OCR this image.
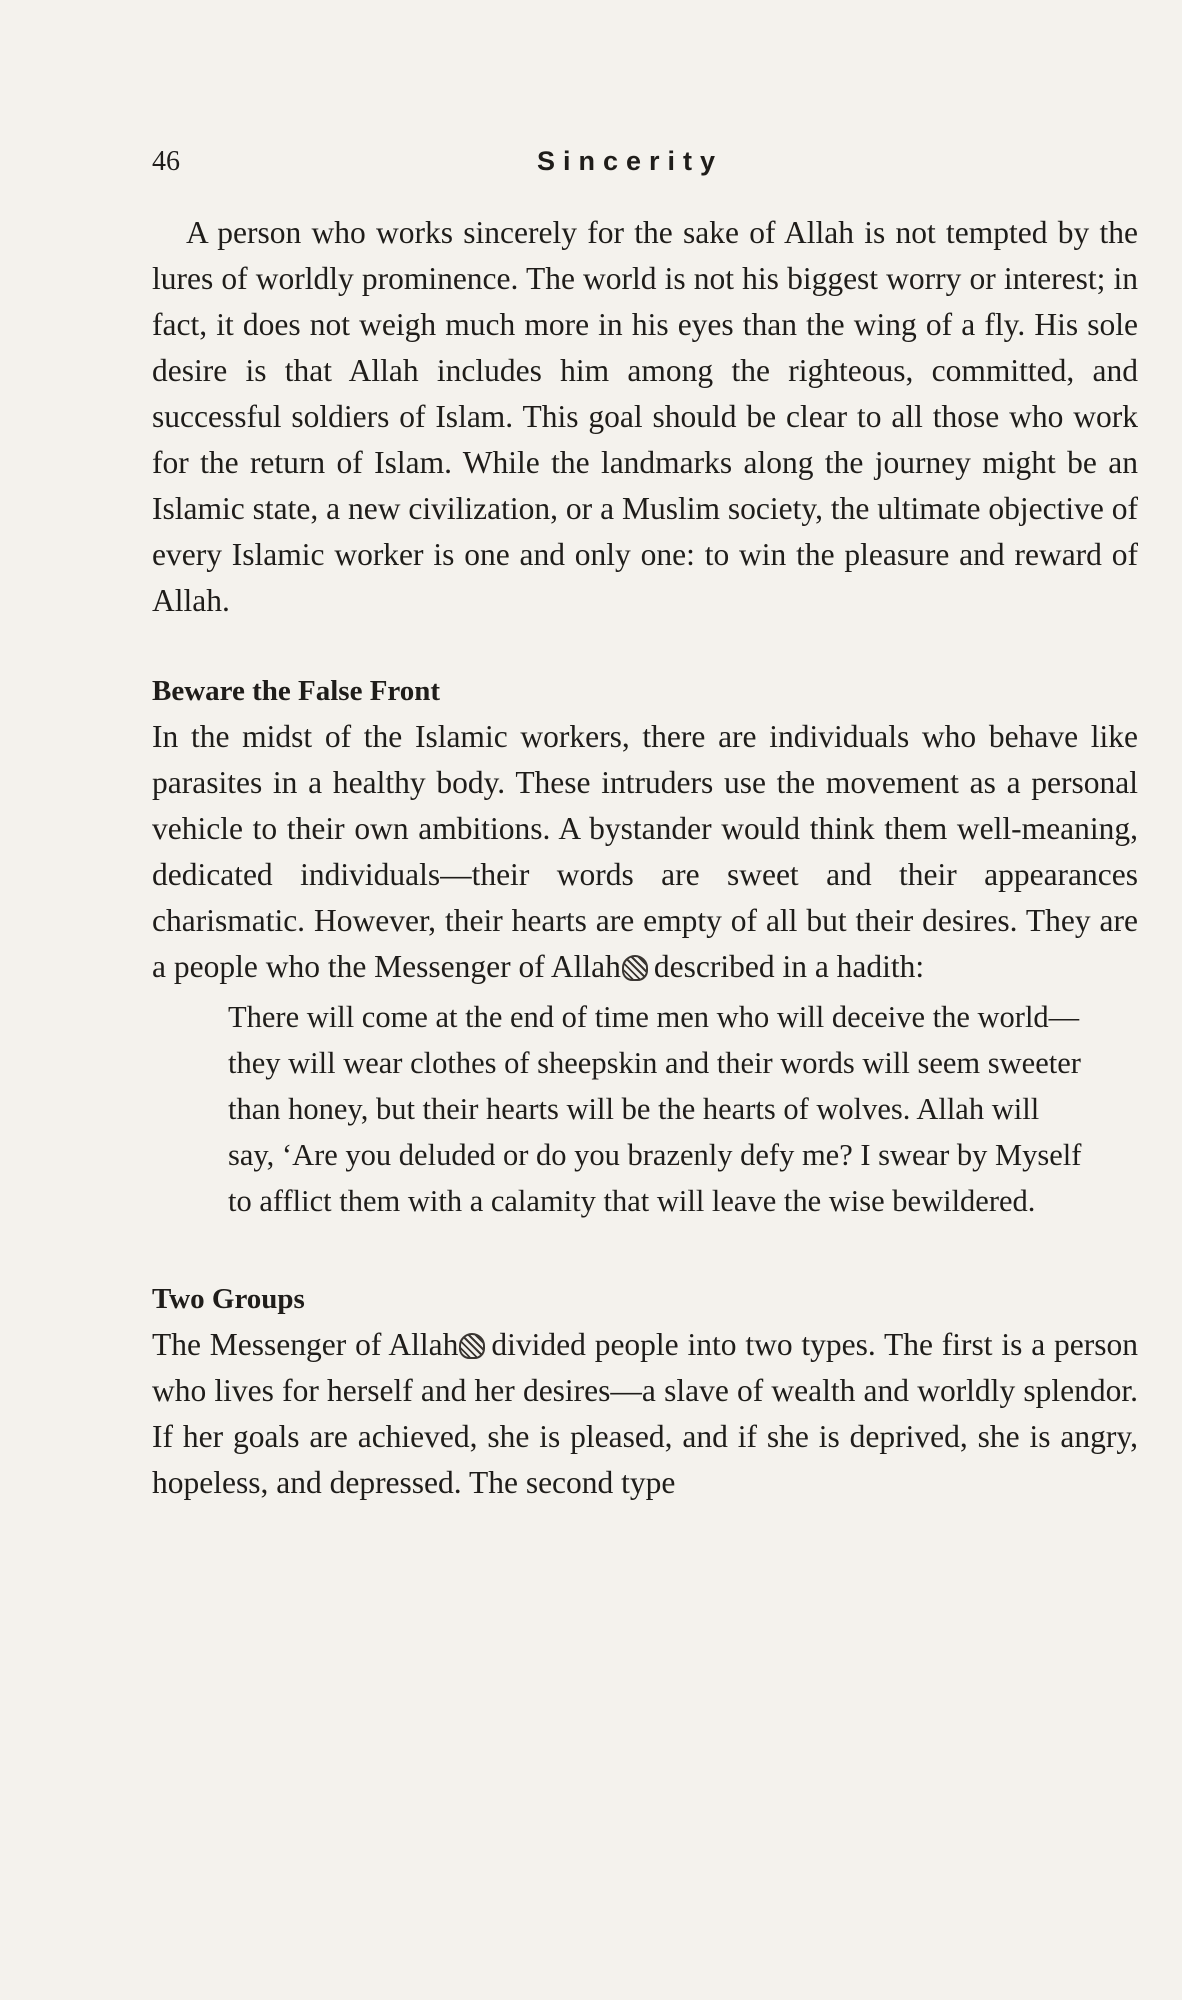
46	Sincerity

A person who works sincerely for the sake of Allah is not tempted by the lures of worldly prominence. The world is not his biggest worry or interest; in fact, it does not weigh much more in his eyes than the wing of a fly. His sole desire is that Allah includes him among the righteous, committed, and successful soldiers of Islam. This goal should be clear to all those who work for the return of Islam. While the landmarks along the journey might be an Islamic state, a new civilization, or a Muslim society, the ultimate objective of every Islamic worker is one and only one: to win the pleasure and reward of Allah.

Beware the False Front

In the midst of the Islamic workers, there are individuals who behave like parasites in a healthy body. These intruders use the movement as a personal vehicle to their own ambitions. A bystander would think them well-meaning, dedicated individuals—their words are sweet and their appearances charismatic. However, their hearts are empty of all but their desires. They are a people who the Messenger of Allah described in a hadith:

There will come at the end of time men who will deceive the world—they will wear clothes of sheepskin and their words will seem sweeter than honey, but their hearts will be the hearts of wolves. Allah will say, ‘Are you deluded or do you brazenly defy me? I swear by Myself to afflict them with a calamity that will leave the wise bewildered.

Two Groups

The Messenger of Allah divided people into two types. The first is a person who lives for herself and her desires—a slave of wealth and worldly splendor. If her goals are achieved, she is pleased, and if she is deprived, she is angry, hopeless, and depressed. The second type
